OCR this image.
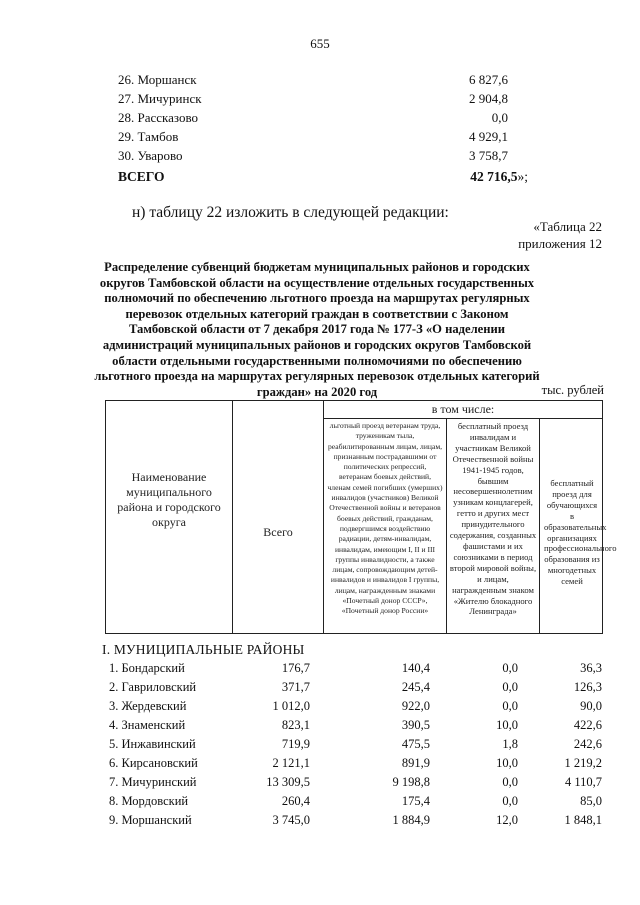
655
26. Моршанск	6 827,6
27. Мичуринск	2 904,8
28. Рассказово	0,0
29. Тамбов	4 929,1
30. Уварово	3 758,7
ВСЕГО	42 716,5»;
н) таблицу 22 изложить в следующей редакции:
«Таблица 22
приложения 12
Распределение субвенций бюджетам муниципальных районов и городских округов Тамбовской области на осуществление отдельных государственных полномочий по обеспечению льготного проезда на маршрутах регулярных перевозок отдельных категорий граждан в соответствии с Законом Тамбовской области от 7 декабря 2017 года № 177-З «О наделении администраций муниципальных районов и городских округов Тамбовской области отдельными государственными полномочиями по обеспечению льготного проезда на маршрутах регулярных перевозок отдельных категорий граждан» на 2020 год	тыс. рублей
Наименование муниципального района и городского округа
Всего
в том числе:
льготный проезд ветеранам труда, труженикам тыла, реабилитированным лицам, лицам, признанным пострадавшими от политических репрессий, ветеранам боевых действий, членам семей погибших (умерших) инвалидов (участников) Великой Отечественной войны и ветеранов боевых действий, гражданам, подвергшимся воздействию радиации, детям-инвалидам, инвалидам, имеющим I, II и III группы инвалидности, а также лицам, сопровождающим детей-инвалидов и инвалидов I группы, лицам, награжденным знаками «Почетный донор СССР», «Почетный донор России»
бесплатный проезд инвалидам и участникам Великой Отечественной войны 1941-1945 годов, бывшим несовершеннолетним узникам концлагерей, гетто и других мест принудительного содержания, созданных фашистами и их союзниками в период второй мировой войны, и лицам, награжденным знаком «Жителю блокадного Ленинграда»
бесплатный проезд для обучающихся в образовательных организациях профессионального образования из многодетных семей
I. МУНИЦИПАЛЬНЫЕ РАЙОНЫ
1. Бондарский	176,7	140,4	0,0	36,3
2. Гавриловский	371,7	245,4	0,0	126,3
3. Жердевский	1 012,0	922,0	0,0	90,0
4. Знаменский	823,1	390,5	10,0	422,6
5. Инжавинский	719,9	475,5	1,8	242,6
6. Кирсановский	2 121,1	891,9	10,0	1 219,2
7. Мичуринский	13 309,5	9 198,8	0,0	4 110,7
8. Мордовский	260,4	175,4	0,0	85,0
9. Моршанский	3 745,0	1 884,9	12,0	1 848,1
